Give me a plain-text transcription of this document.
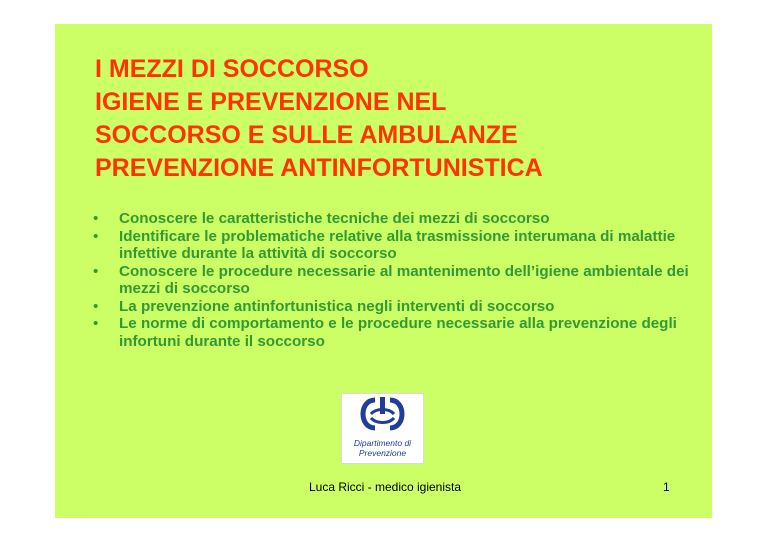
I MEZZI DI SOCCORSO
IGIENE E PREVENZIONE NEL
SOCCORSO E SULLE AMBULANZE
PREVENZIONE ANTINFORTUNISTICA
• Conoscere le caratteristiche tecniche dei mezzi di soccorso
• Identificare le problematiche relative alla trasmissione interumana di malattie infettive durante la attività di soccorso
• Conoscere le procedure necessarie al mantenimento dell’igiene ambientale dei mezzi di soccorso
• La prevenzione antinfortunistica negli interventi di soccorso
• Le norme di comportamento e le procedure necessarie alla prevenzione degli infortuni durante il soccorso
Dipartimento di
Prevenzione
Luca Ricci - medico igienista	1
